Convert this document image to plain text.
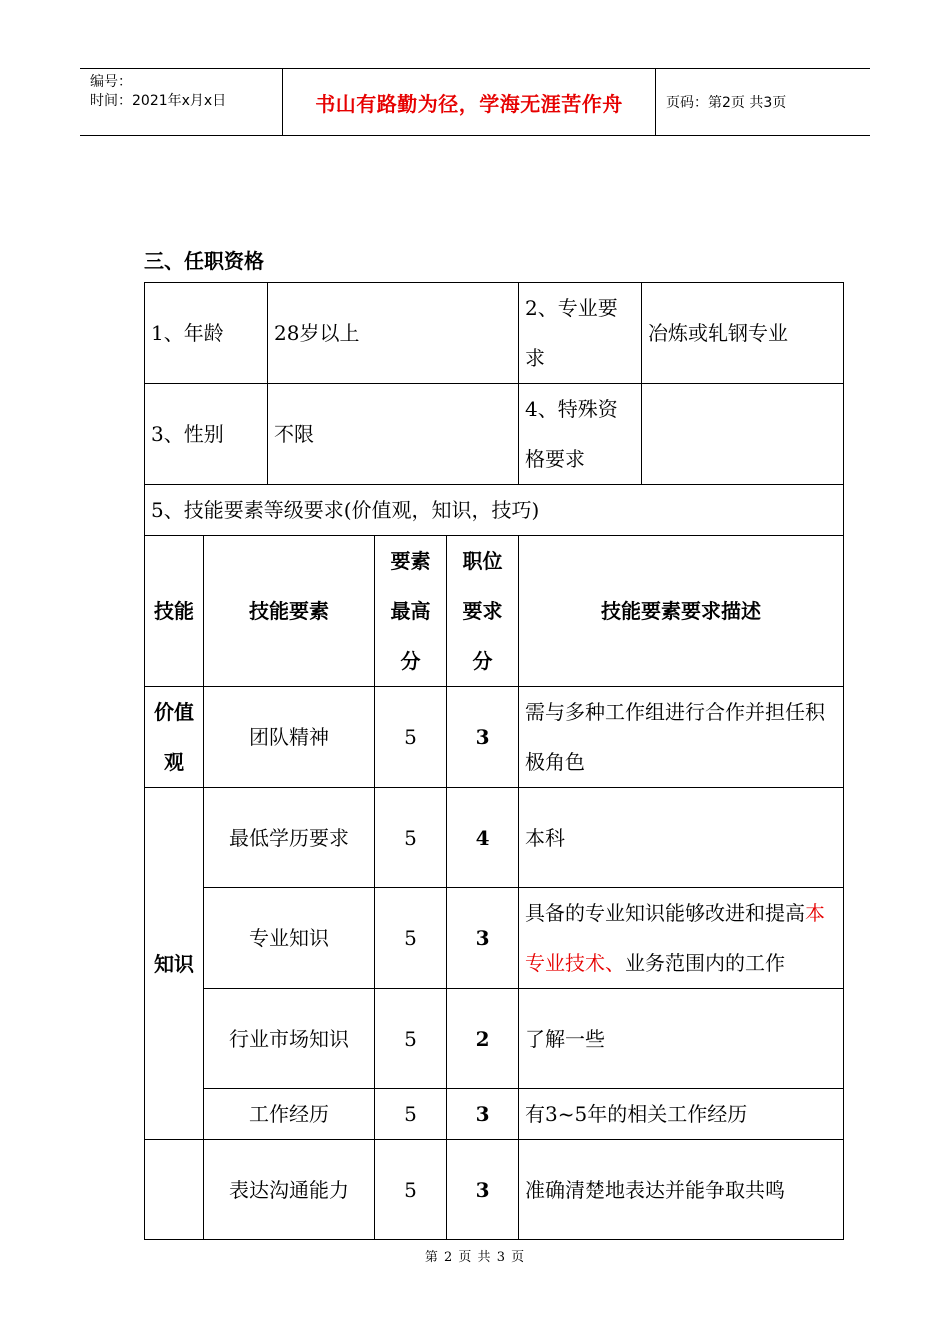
编号：
时间：2021年x月x日	书山有路勤为径，学海无涯苦作舟	页码：第2页 共3页
三、任职资格
1、年龄		28岁以上			2、专业要求	冶炼或轧钢专业
3、性别		不限			4、特殊资格要求	
5、技能要素等级要求(价值观，知识，技巧)						
技能	技能要素		要素最高分	职位要求分	技能要素要求描述	
价值观	团队精神		5	3	需与多种工作组进行合作并担任积极角色	
知识	最低学历要求		5	4	本科	
	专业知识		5	3	具备的专业知识能够改进和提高本专业技术、业务范围内的工作	
	行业市场知识		5	2	了解一些	
	工作经历		5	3	有3~5年的相关工作经历	
	表达沟通能力		5	3	准确清楚地表达并能争取共鸣	
第 2 页 共 3 页
